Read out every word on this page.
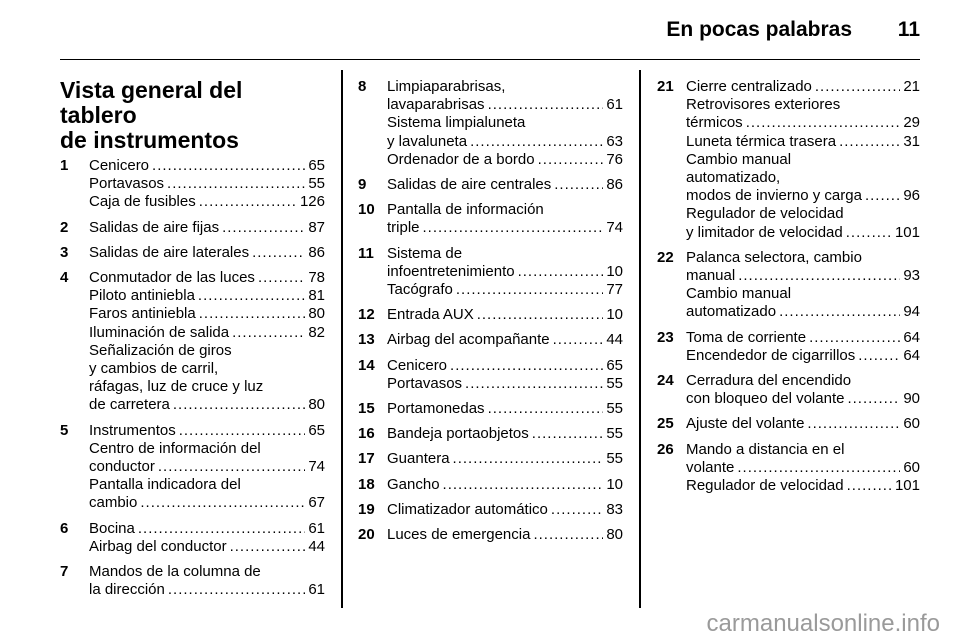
En pocas palabras 11
Vista general del tablero
de instrumentos
1 Cenicero .....	65
Portavasos .....	55
Caja de fusibles .....	126
2 Salidas de aire fijas .....	87
3 Salidas de aire laterales .....	86
4 Conmutador de las luces .....	78
Piloto antiniebla .....	81
Faros antiniebla .....	80
Iluminación de salida .....	82
Señalización de giros
y cambios de carril,
ráfagas, luz de cruce y luz
de carretera .....	80
5 Instrumentos .....	65
Centro de información del
conductor .....	74
Pantalla indicadora del
cambio .....	67
6 Bocina .....	61
Airbag del conductor .....	44
7 Mandos de la columna de
la dirección .....	61
8 Limpiaparabrisas,
lavaparabrisas .....	61
Sistema limpialuneta
y lavaluneta .....	63
Ordenador de a bordo .....	76
9 Salidas de aire centrales .....	86
10 Pantalla de información
triple .....	74
11 Sistema de
infoentretenimiento .....	10
Tacógrafo .....	77
12 Entrada AUX .....	10
13 Airbag del acompañante .....	44
14 Cenicero .....	65
Portavasos .....	55
15 Portamonedas .....	55
16 Bandeja portaobjetos .....	55
17 Guantera .....	55
18 Gancho .....	10
19 Climatizador automático .....	83
20 Luces de emergencia .....	80
21 Cierre centralizado .....	21
Retrovisores exteriores
térmicos .....	29
Luneta térmica trasera .....	31
Cambio manual
automatizado,
modos de invierno y carga .....	96
Regulador de velocidad
y limitador de velocidad .....	101
22 Palanca selectora, cambio
manual .....	93
Cambio manual
automatizado .....	94
23 Toma de corriente .....	64
Encendedor de cigarrillos .....	64
24 Cerradura del encendido
con bloqueo del volante .....	90
25 Ajuste del volante .....	60
26 Mando a distancia en el
volante .....	60
Regulador de velocidad .....	101
carmanualsonline.info
